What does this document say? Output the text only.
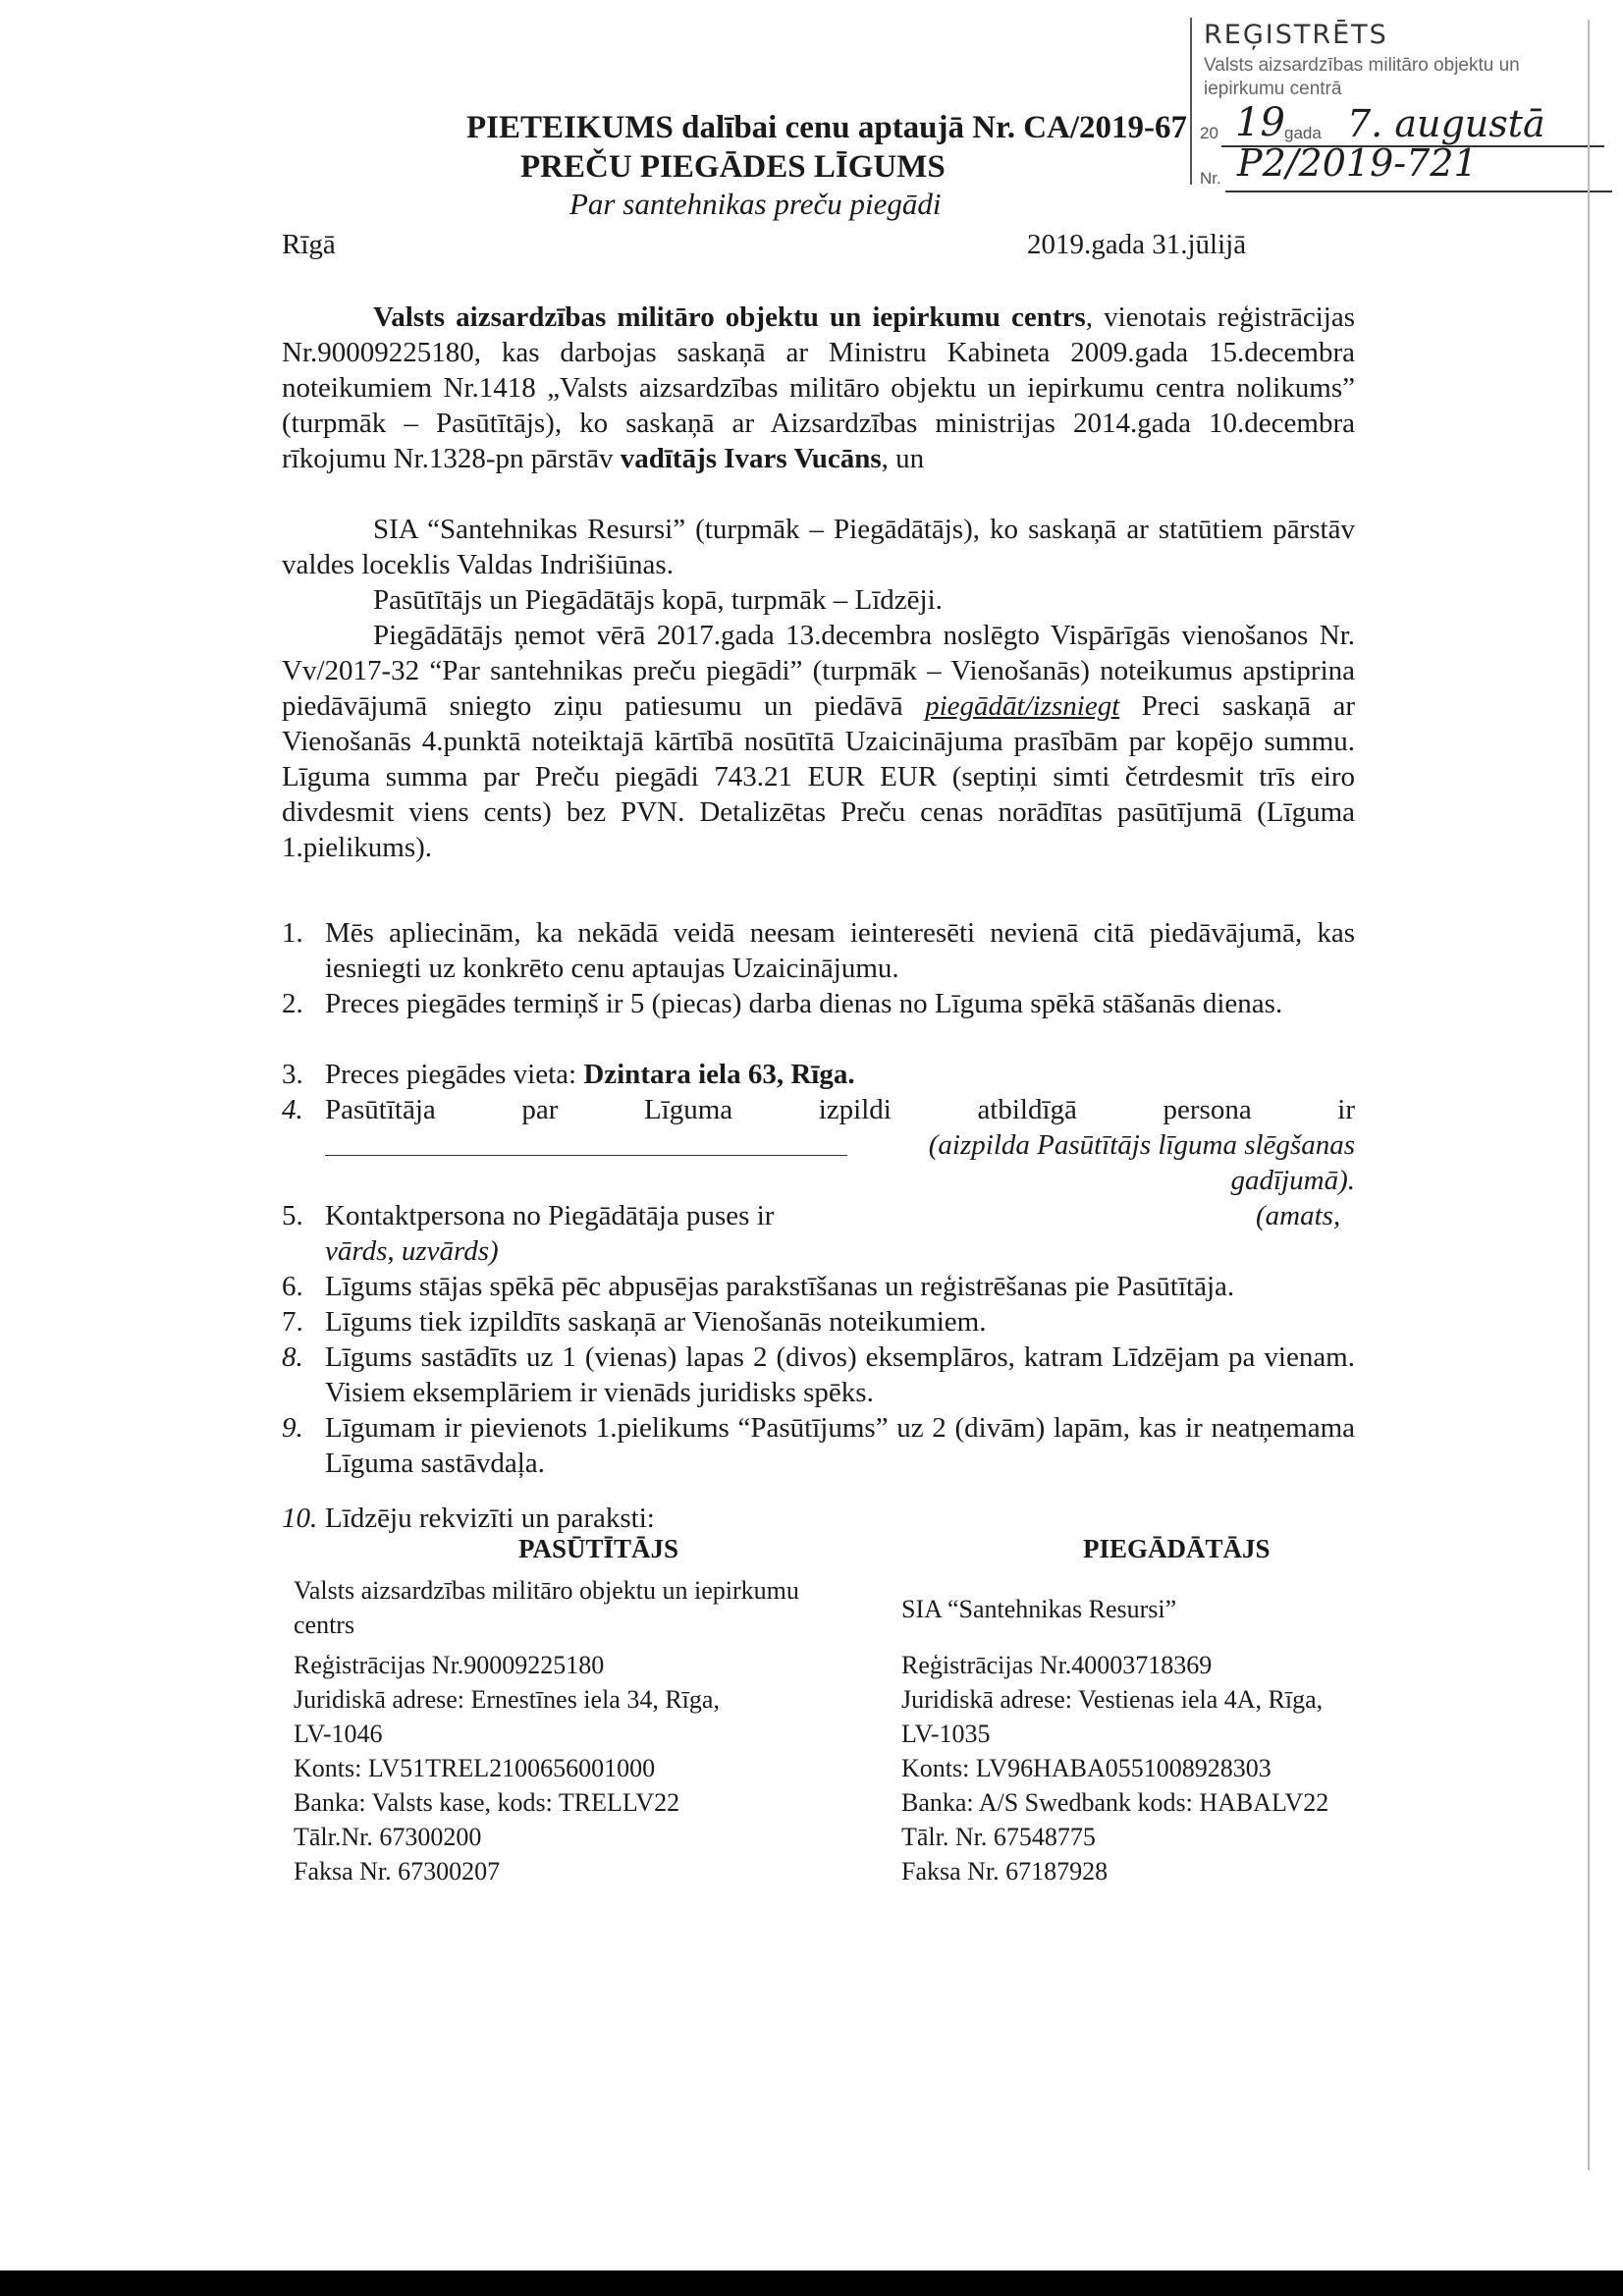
REĢISTRĒTS
Valsts aizsardzības militāro objektu un iepirkumu centrā
20 19 gada 7. augustā
Nr. P2/2019-721
PIETEIKUMS dalībai cenu aptaujā Nr. CA/2019-67
PREČU PIEGĀDES LĪGUMS
Par santehnikas preču piegādi
Rīgā	2019.gada 31.jūlijā
Valsts aizsardzības militāro objektu un iepirkumu centrs, vienotais reģistrācijas Nr.90009225180, kas darbojas saskaņā ar Ministru Kabineta 2009.gada 15.decembra noteikumiem Nr.1418 „Valsts aizsardzības militāro objektu un iepirkumu centra nolikums” (turpmāk – Pasūtītājs), ko saskaņā ar Aizsardzības ministrijas 2014.gada 10.decembra rīkojumu Nr.1328-pn pārstāv vadītājs Ivars Vucāns, un
SIA “Santehnikas Resursi” (turpmāk – Piegādātājs), ko saskaņā ar statūtiem pārstāv valdes loceklis Valdas Indrišiūnas.
Pasūtītājs un Piegādātājs kopā, turpmāk – Līdzēji.
Piegādātājs ņemot vērā 2017.gada 13.decembra noslēgto Vispārīgās vienošanos Nr. Vv/2017-32 “Par santehnikas preču piegādi” (turpmāk – Vienošanās) noteikumus apstiprina piedāvājumā sniegto ziņu patiesumu un piedāvā piegādāt/izsniegt Preci saskaņā ar Vienošanās 4.punktā noteiktajā kārtībā nosūtītā Uzaicinājuma prasībām par kopējo summu. Līguma summa par Preču piegādi 743.21 EUR EUR (septiņi simti četrdesmit trīs eiro divdesmit viens cents) bez PVN. Detalizētas Preču cenas norādītas pasūtījumā (Līguma 1.pielikums).
1. Mēs apliecinām, ka nekādā veidā neesam ieinteresēti nevienā citā piedāvājumā, kas iesniegti uz konkrēto cenu aptaujas Uzaicinājumu.
2. Preces piegādes termiņš ir 5 (piecas) darba dienas no Līguma spēkā stāšanās dienas.
3. Preces piegādes vieta: Dzintara iela 63, Rīga.
4. Pasūtītāja par Līguma izpildi atbildīgā persona ir
(aizpilda Pasūtītājs līguma slēgšanas gadījumā).
5. Kontaktpersona no Piegādātāja puses ir	(amats, vārds, uzvārds)
6. Līgums stājas spēkā pēc abpusējas parakstīšanas un reģistrēšanas pie Pasūtītāja.
7. Līgums tiek izpildīts saskaņā ar Vienošanās noteikumiem.
8. Līgums sastādīts uz 1 (vienas) lapas 2 (divos) eksemplāros, katram Līdzējam pa vienam. Visiem eksemplāriem ir vienāds juridisks spēks.
9. Līgumam ir pievienots 1.pielikums “Pasūtījums” uz 2 (divām) lapām, kas ir neatņemama Līguma sastāvdaļa.
10. Līdzēju rekvizīti un paraksti:
PASŪTĪTĀJS	PIEGĀDĀTĀJS
Valsts aizsardzības militāro objektu un iepirkumu
centrs
Reģistrācijas Nr.90009225180
Juridiskā adrese: Ernestīnes iela 34, Rīga,
LV-1046
Konts: LV51TREL2100656001000
Banka: Valsts kase, kods: TRELLV22
Tālr.Nr. 67300200
Faksa Nr. 67300207
SIA “Santehnikas Resursi”
Reģistrācijas Nr.40003718369
Juridiskā adrese: Vestienas iela 4A, Rīga,
LV-1035
Konts: LV96HABA0551008928303
Banka: A/S Swedbank kods: HABALV22
Tālr. Nr. 67548775
Faksa Nr. 67187928
